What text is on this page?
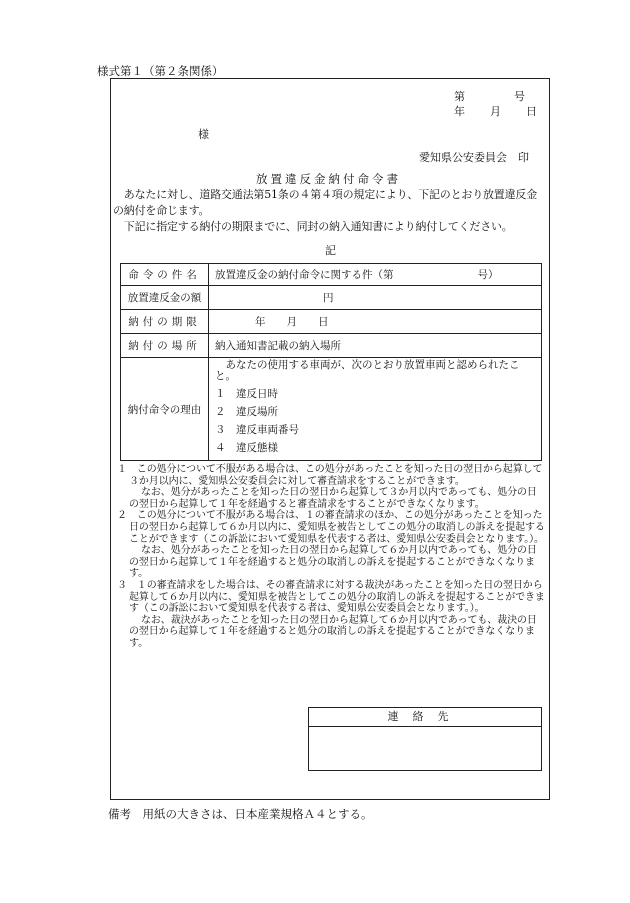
様式第１（第２条関係）
第　　　　号
年　　月　　日
様
愛知県公安委員会　印
放置違反金納付命令書

　あなたに対し、道路交通法第51条の４第４項の規定により、下記のとおり放置違反金の納付を命じます。

　下記に指定する納付の期限までに、同封の納入通知書により納付してください。

記
命令の件名	放置違反金の納付命令に関する件（第　　　　　　　　号）
放置違反金の額	円
納付の期限	年　　月　　日
納付の場所	納入通知書記載の納入場所
納付命令の理由	　あなたの使用する車両が、次のとおり放置車両と認められたこと。
１　違反日時
２　違反場所
３　違反車両番号
４　違反態様

１　この処分について不服がある場合は、この処分があったことを知った日の翌日から起算して３か月以内に、愛知県公安委員会に対して審査請求をすることができます。

なお、処分があったことを知った日の翌日から起算して３か月以内であっても、処分の日の翌日から起算して１年を経過すると審査請求をすることができなくなります。

２　この処分について不服がある場合は、１の審査請求のほか、この処分があったことを知った日の翌日から起算して６か月以内に、愛知県を被告としてこの処分の取消しの訴えを提起することができます（この訴訟において愛知県を代表する者は、愛知県公安委員会となります。）。

なお、処分があったことを知った日の翌日から起算して６か月以内であっても、処分の日の翌日から起算して１年を経過すると処分の取消しの訴えを提起することができなくなります。

３　１の審査請求をした場合は、その審査請求に対する裁決があったことを知った日の翌日から起算して６か月以内に、愛知県を被告としてこの処分の取消しの訴えを提起することができます（この訴訟において愛知県を代表する者は、愛知県公安委員会となります。）。

なお、裁決があったことを知った日の翌日から起算して６か月以内であっても、裁決の日の翌日から起算して１年を経過すると処分の取消しの訴えを提起することができなくなります。

連絡先
備考　用紙の大きさは、日本産業規格Ａ４とする。
